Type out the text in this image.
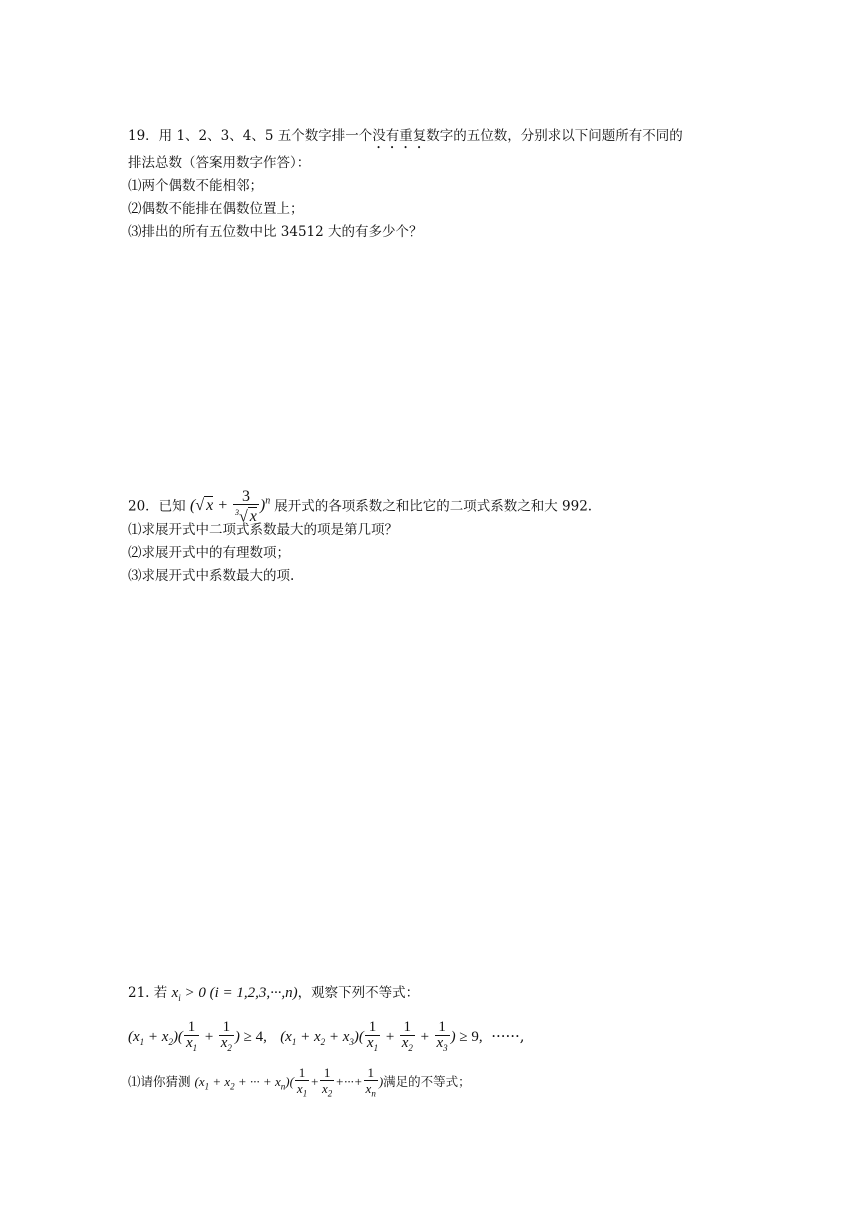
19．用 1、2、3、4、5 五个数字排一个没有重复数字的五位数，分别求以下问题所有不同的
排法总数（答案用数字作答）：
⑴两个偶数不能相邻；
⑵偶数不能排在偶数位置上；
⑶排出的所有五位数中比 34512 大的有多少个？
20．已知 (√ $x + \frac{3}{^3√ x} )^n$ 展开式的各项系数之和比它的二项式系数之和大 992.
⑴求展开式中二项式系数最大的项是第几项？
⑵求展开式中的有理数项；
⑶求展开式中系数最大的项.
21. 若 $x_i > 0$ (i = 1,2,3,···,n)，观察下列不等式：
$(x_1 + x_2)( \frac{1}{x_1} + \frac{1}{x_2}$ ) ≥ 4,   $(x_1 + x_2 + x_3)( \frac{1}{x_1} + \frac{1}{x_2} + \frac{1}{x_3}$ ) ≥ 9, ······,
⑴请你猜测 ($x_1 + x_2$ + ··· + $x_n)( \frac{1}{x_1} + \frac{1}{x_2}$ +···+ $\frac{1}{x_n}$ )满足的不等式；
